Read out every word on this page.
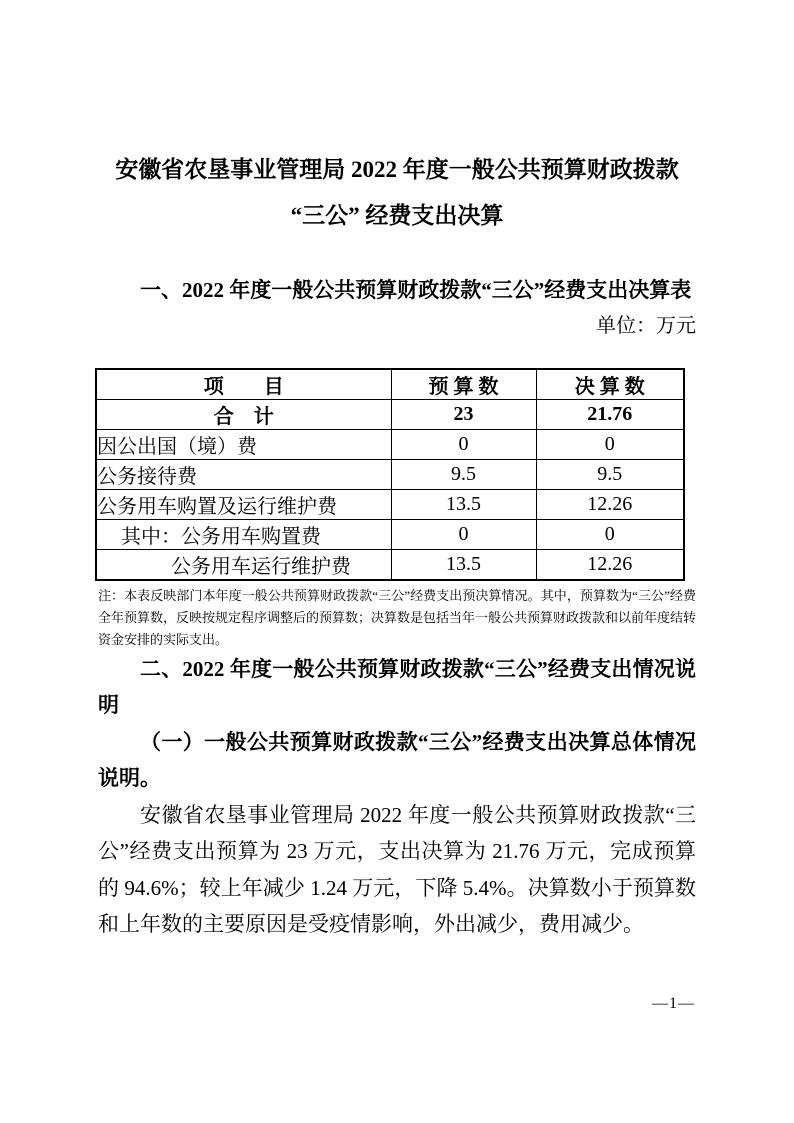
安徽省农垦事业管理局 2022 年度一般公共预算财政拨款
“三公” 经费支出决算

一、2022 年度一般公共预算财政拨款“三公”经费支出决算表

单位：万元

项　　目	预 算 数	决 算 数
合　计	23	21.76
因公出国（境）费	0	0
公务接待费	9.5	9.5
公务用车购置及运行维护费	13.5	12.26
其中：公务用车购置费	0	0
公务用车运行维护费	13.5	12.26

注：本表反映部门本年度一般公共预算财政拨款“三公”经费支出预决算情况。其中，预算数为“三公”经费全年预算数，反映按规定程序调整后的预算数；决算数是包括当年一般公共预算财政拨款和以前年度结转资金安排的实际支出。

二、2022 年度一般公共预算财政拨款“三公”经费支出情况说明

（一）一般公共预算财政拨款“三公”经费支出决算总体情况说明。

安徽省农垦事业管理局 2022 年度一般公共预算财政拨款“三公”经费支出预算为 23 万元，支出决算为 21.76 万元，完成预算的 94.6%；较上年减少 1.24 万元，下降 5.4%。决算数小于预算数和上年数的主要原因是受疫情影响，外出减少，费用减少。

—1—
